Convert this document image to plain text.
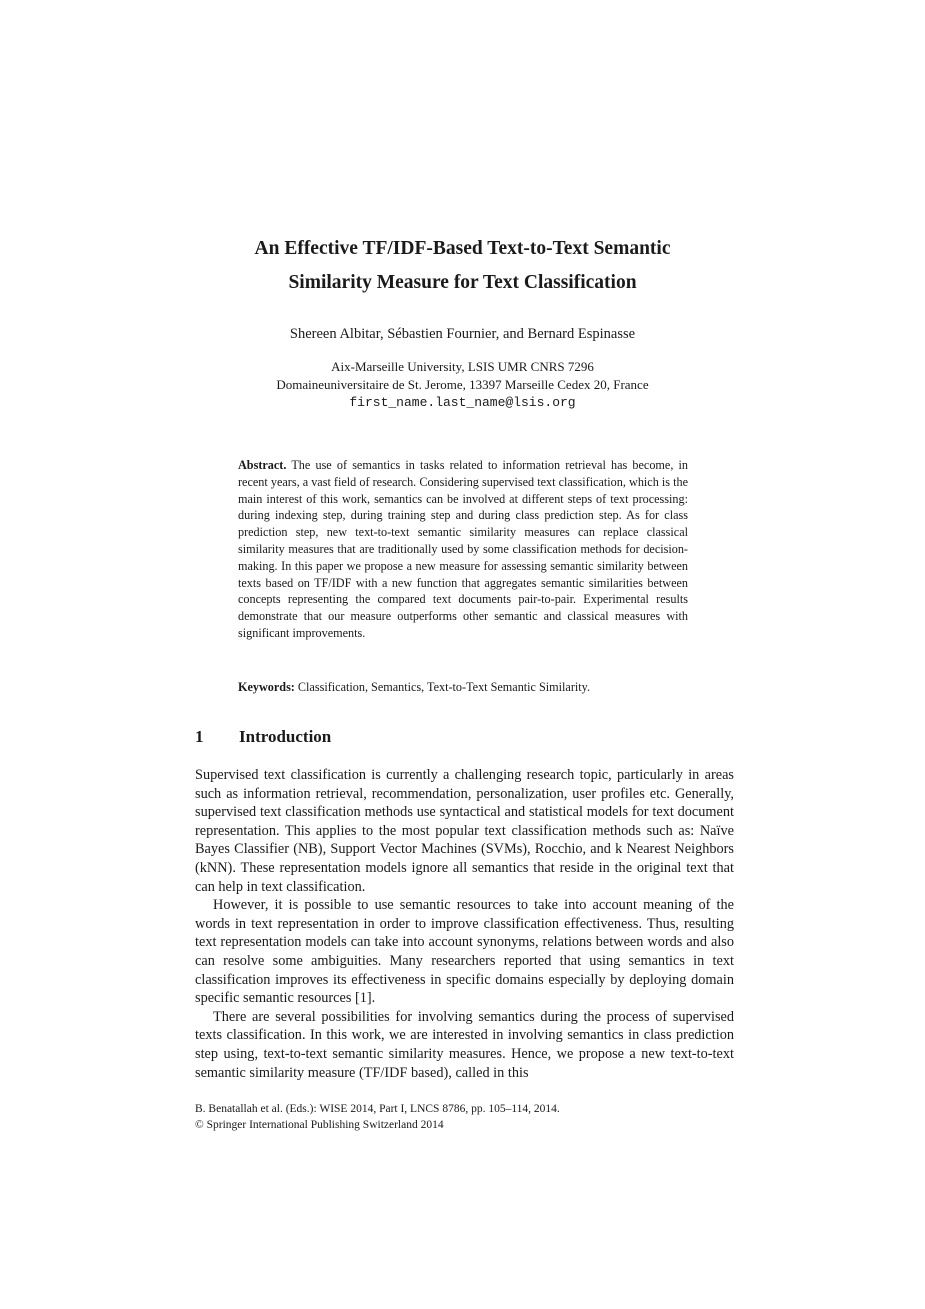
An Effective TF/IDF-Based Text-to-Text Semantic
Similarity Measure for Text Classification
Shereen Albitar, Sébastien Fournier, and Bernard Espinasse
Aix-Marseille University, LSIS UMR CNRS 7296
Domaineuniversitaire de St. Jerome, 13397 Marseille Cedex 20, France
first_name.last_name@lsis.org
Abstract. The use of semantics in tasks related to information retrieval has become, in recent years, a vast field of research. Considering supervised text classification, which is the main interest of this work, semantics can be involved at different steps of text processing: during indexing step, during training step and during class prediction step. As for class prediction step, new text-to-text semantic similarity measures can replace classical similarity measures that are traditionally used by some classification methods for decision-making. In this paper we propose a new measure for assessing semantic similarity between texts based on TF/IDF with a new function that aggregates semantic similarities between concepts representing the compared text documents pair-to-pair. Experimental results demonstrate that our measure outperforms other semantic and classical measures with significant improvements.
Keywords: Classification, Semantics, Text-to-Text Semantic Similarity.
1 Introduction

Supervised text classification is currently a challenging research topic, particularly in areas such as information retrieval, recommendation, personalization, user profiles etc. Generally, supervised text classification methods use syntactical and statistical models for text document representation. This applies to the most popular text classification methods such as: Naïve Bayes Classifier (NB), Support Vector Machines (SVMs), Rocchio, and k Nearest Neighbors (kNN). These representation models ignore all semantics that reside in the original text that can help in text classification.

However, it is possible to use semantic resources to take into account meaning of the words in text representation in order to improve classification effectiveness. Thus, resulting text representation models can take into account synonyms, relations between words and also can resolve some ambiguities. Many researchers reported that using semantics in text classification improves its effectiveness in specific domains especially by deploying domain specific semantic resources [1].

There are several possibilities for involving semantics during the process of supervised texts classification. In this work, we are interested in involving semantics in class prediction step using, text-to-text semantic similarity measures. Hence, we propose a new text-to-text semantic similarity measure (TF/IDF based), called in this

B. Benatallah et al. (Eds.): WISE 2014, Part I, LNCS 8786, pp. 105–114, 2014.
© Springer International Publishing Switzerland 2014
